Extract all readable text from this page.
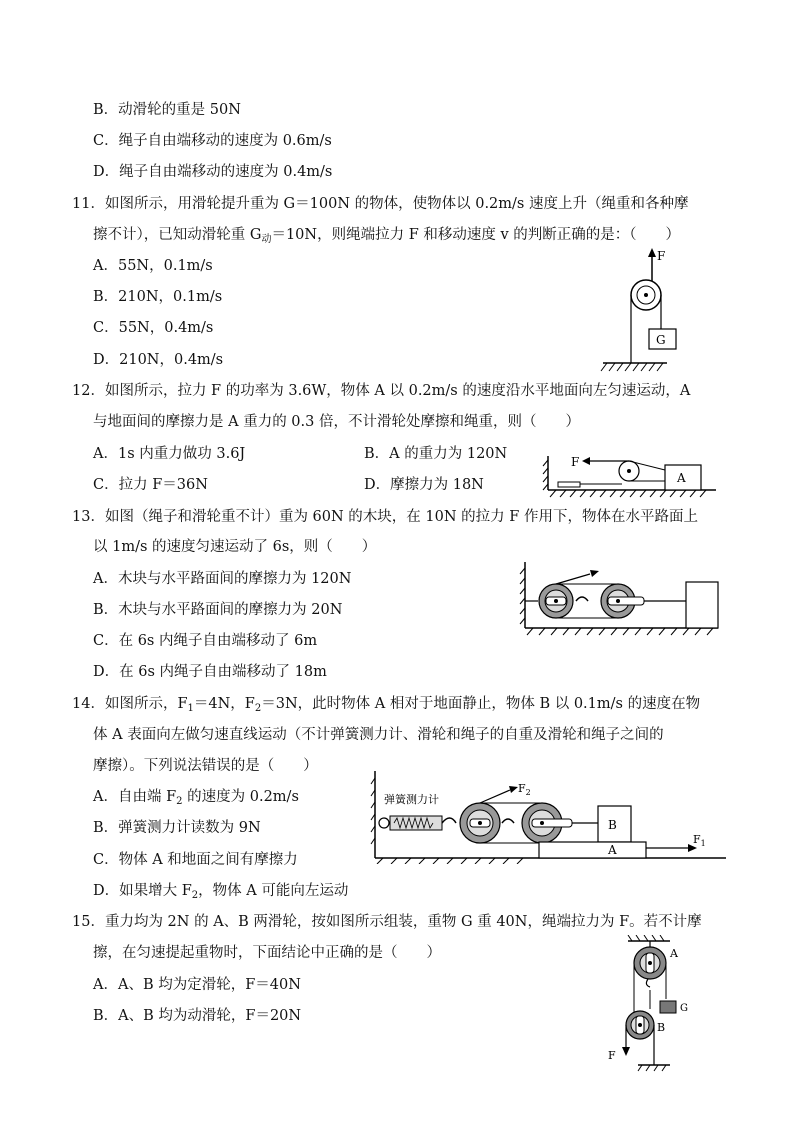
B．动滑轮的重是 50N
C．绳子自由端移动的速度为 0.6m/s
D．绳子自由端移动的速度为 0.4m/s
11．如图所示，用滑轮提升重为 G＝100N 的物体，使物体以 0.2m/s 速度上升（绳重和各种摩
擦不计），已知动滑轮重 $G_动=10N$，则绳端拉力 F 和移动速度 v 的判断正确的是：（　　）
A．55N，0.1m/s
B．210N，0.1m/s
C．55N，0.4m/s
D．210N，0.4m/s
F
G
12．如图所示，拉力 F 的功率为 3.6W，物体 A 以 0.2m/s 的速度沿水平地面向左匀速运动，A
与地面间的摩擦力是 A 重力的 0.3 倍，不计滑轮处摩擦和绳重，则（　　）
A．1s 内重力做功 3.6J	B．A 的重力为 120N
C．拉力 F＝36N	D．摩擦力为 18N
F
A
13．如图（绳子和滑轮重不计）重为 60N 的木块，在 10N 的拉力 F 作用下，物体在水平路面上
以 1m/s 的速度匀速运动了 6s，则（　　）
A．木块与水平路面间的摩擦力为 120N
B．木块与水平路面间的摩擦力为 20N
C．在 6s 内绳子自由端移动了 6m
D．在 6s 内绳子自由端移动了 18m
14．如图所示，$F_1=4N$，$F_2=3N$，此时物体 A 相对于地面静止，物体 B 以 0.1m/s 的速度在物
体 A 表面向左做匀速直线运动（不计弹簧测力计、滑轮和绳子的自重及滑轮和绳子之间的
摩擦）。下列说法错误的是（　　）
A．自由端 $F_2$ 的速度为 0.2m/s
B．弹簧测力计读数为 9N
C．物体 A 和地面之间有摩擦力
D．如果增大 $F_2$，物体 A 可能向左运动
弹簧测力计
$F_2$
B
A
$F_1$
15．重力均为 2N 的 A、B 两滑轮，按如图所示组装，重物 G 重 40N，绳端拉力为 F。若不计摩
擦，在匀速提起重物时，下面结论中正确的是（　　）
A．A、B 均为定滑轮，F＝40N
B．A、B 均为动滑轮，F＝20N
A
G
B
F
